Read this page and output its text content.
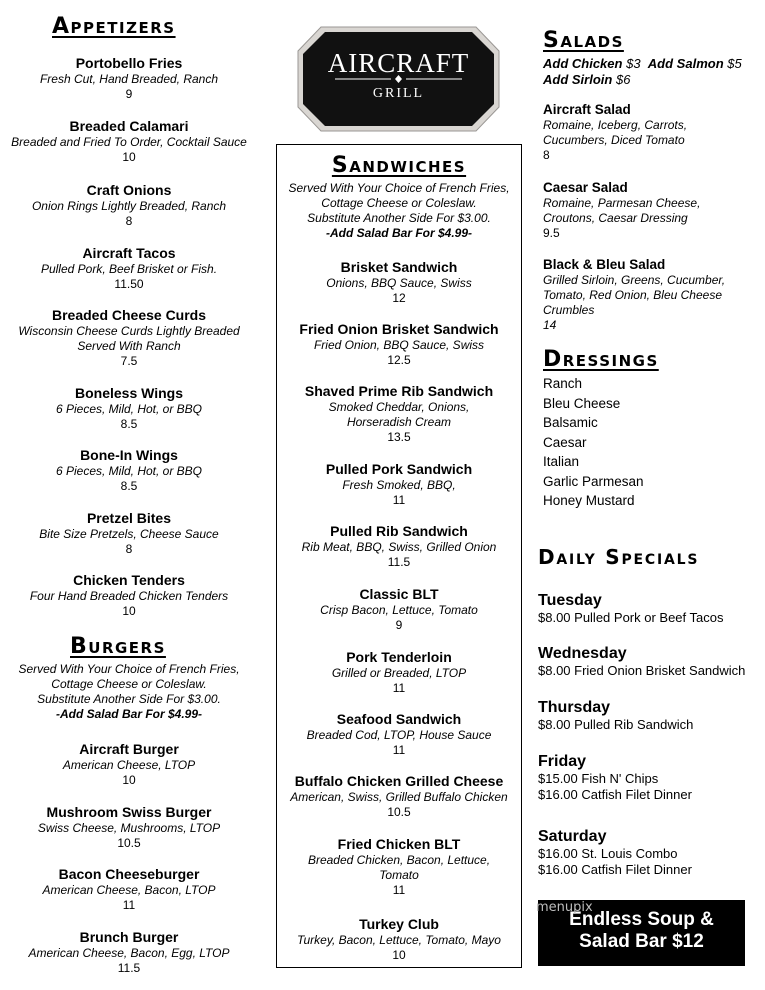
Appetizers
Portobello Fries
Fresh Cut, Hand Breaded, Ranch
9
Breaded Calamari
Breaded and Fried To Order, Cocktail Sauce
10
Craft Onions
Onion Rings Lightly Breaded, Ranch
8
Aircraft Tacos
Pulled Pork, Beef Brisket or Fish.
11.50
Breaded Cheese Curds
Wisconsin Cheese Curds Lightly Breaded
Served With Ranch
7.5
Boneless Wings
6 Pieces, Mild, Hot, or BBQ
8.5
Bone-In Wings
6 Pieces, Mild, Hot, or BBQ
8.5
Pretzel Bites
Bite Size Pretzels, Cheese Sauce
8
Chicken Tenders
Four Hand Breaded Chicken Tenders
10
Burgers
Served With Your Choice of French Fries,
Cottage Cheese or Coleslaw.
Substitute Another Side For $3.00.
-Add Salad Bar For $4.99-
Aircraft Burger
American Cheese, LTOP
10
Mushroom Swiss Burger
Swiss Cheese, Mushrooms, LTOP
10.5
Bacon Cheeseburger
American Cheese, Bacon, LTOP
11
Brunch Burger
American Cheese, Bacon, Egg, LTOP
11.5
AIRCRAFT
GRILL
Sandwiches
Served With Your Choice of French Fries,
Cottage Cheese or Coleslaw.
Substitute Another Side For $3.00.
-Add Salad Bar For $4.99-
Brisket Sandwich
Onions, BBQ Sauce, Swiss
12
Fried Onion Brisket Sandwich
Fried Onion, BBQ Sauce, Swiss
12.5
Shaved Prime Rib Sandwich
Smoked Cheddar, Onions,
Horseradish Cream
13.5
Pulled Pork Sandwich
Fresh Smoked, BBQ,
11
Pulled Rib Sandwich
Rib Meat, BBQ, Swiss, Grilled Onion
11.5
Classic BLT
Crisp Bacon, Lettuce, Tomato
9
Pork Tenderloin
Grilled or Breaded, LTOP
11
Seafood Sandwich
Breaded Cod, LTOP, House Sauce
11
Buffalo Chicken Grilled Cheese
American, Swiss, Grilled Buffalo Chicken
10.5
Fried Chicken BLT
Breaded Chicken, Bacon, Lettuce,
Tomato
11
Turkey Club
Turkey, Bacon, Lettuce, Tomato, Mayo
10
Salads
Add Chicken $3 Add Salmon $5
Add Sirloin $6
Aircraft Salad
Romaine, Iceberg, Carrots,
Cucumbers, Diced Tomato
8
Caesar Salad
Romaine, Parmesan Cheese,
Croutons, Caesar Dressing
9.5
Black & Bleu Salad
Grilled Sirloin, Greens, Cucumber,
Tomato, Red Onion, Bleu Cheese
Crumbles
14
Dressings
Ranch
Bleu Cheese
Balsamic
Caesar
Italian
Garlic Parmesan
Honey Mustard
Daily Specials
Tuesday
$8.00 Pulled Pork or Beef Tacos
Wednesday
$8.00 Fried Onion Brisket Sandwich
Thursday
$8.00 Pulled Rib Sandwich
Friday
$15.00 Fish N' Chips
$16.00 Catfish Filet Dinner
Saturday
$16.00 St. Louis Combo
$16.00 Catfish Filet Dinner
Endless Soup &
Salad Bar $12
menupix
